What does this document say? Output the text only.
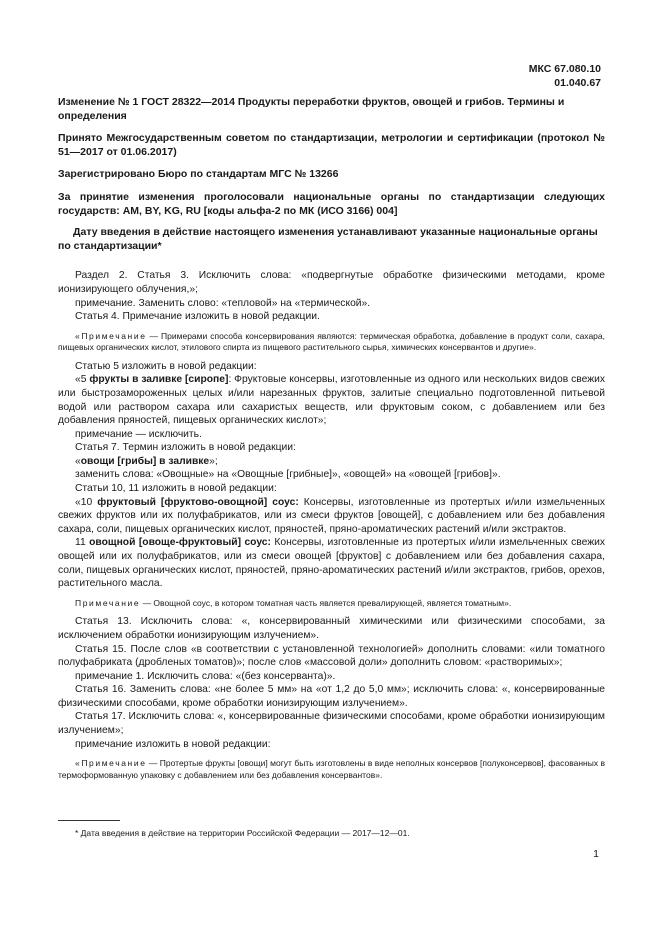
МКС 67.080.10
01.040.67

Изменение № 1 ГОСТ 28322—2014 Продукты переработки фруктов, овощей и грибов. Термины и определения

Принято Межгосударственным советом по стандартизации, метрологии и сертификации (протокол № 51—2017 от 01.06.2017)

Зарегистрировано Бюро по стандартам МГС № 13266

За принятие изменения проголосовали национальные органы по стандартизации следующих государств: AM, BY, KG, RU [коды альфа-2 по МК (ИСО 3166) 004]

Дату введения в действие настоящего изменения устанавливают указанные национальные органы по стандартизации*

Раздел 2. Статья 3. Исключить слова: «подвергнутые обработке физическими методами, кроме ионизирующего облучения,»;

примечание. Заменить слово: «тепловой» на «термической».

Статья 4. Примечание изложить в новой редакции.

«Примечание — Примерами способа консервирования являются: термическая обработка, добавление в продукт соли, сахара, пищевых органических кислот, этилового спирта из пищевого растительного сырья, химических консервантов и другие».

Статью 5 изложить в новой редакции:

«5 фрукты в заливке [сиропе]: Фруктовые консервы, изготовленные из одного или нескольких видов свежих или быстрозамороженных целых и/или нарезанных фруктов, залитые специально подготовленной питьевой водой или раствором сахара или сахаристых веществ, или фруктовым соком, с добавлением или без добавления пряностей, пищевых органических кислот»;

примечание — исключить.

Статья 7. Термин изложить в новой редакции:

«овощи [грибы] в заливке»;

заменить слова: «Овощные» на «Овощные [грибные]», «овощей» на «овощей [грибов]».

Статьи 10, 11 изложить в новой редакции:

«10 фруктовый [фруктово-овощной] соус: Консервы, изготовленные из протертых и/или измельченных свежих фруктов или их полуфабрикатов, или из смеси фруктов [овощей], с добавлением или без добавления сахара, соли, пищевых органических кислот, пряностей, пряно-ароматических растений и/или экстрактов.

11 овощной [овоще-фруктовый] соус: Консервы, изготовленные из протертых и/или измельченных свежих овощей или их полуфабрикатов, или из смеси овощей [фруктов] с добавлением или без добавления сахара, соли, пищевых органических кислот, пряностей, пряно-ароматических растений и/или экстрактов, грибов, орехов, растительного масла.

Примечание — Овощной соус, в котором томатная часть является превалирующей, является томатным».

Статья 13. Исключить слова: «, консервированный химическими или физическими способами, за исключением обработки ионизирующим излучением».

Статья 15. После слов «в соответствии с установленной технологией» дополнить словами: «или томатного полуфабриката (дробленых томатов)»; после слов «массовой доли» дополнить словом: «растворимых»;

примечание 1. Исключить слова: «(без консерванта)».

Статья 16. Заменить слова: «не более 5 мм» на «от 1,2 до 5,0 мм»; исключить слова: «, консервированные физическими способами, кроме обработки ионизирующим излучением».

Статья 17. Исключить слова: «, консервированные физическими способами, кроме обработки ионизирующим излучением»;

примечание изложить в новой редакции:

«Примечание — Протертые фрукты [овощи] могут быть изготовлены в виде неполных консервов [полуконсервов], фасованных в термоформованную упаковку с добавлением или без добавления консервантов».

* Дата введения в действие на территории Российской Федерации — 2017—12—01.
1
